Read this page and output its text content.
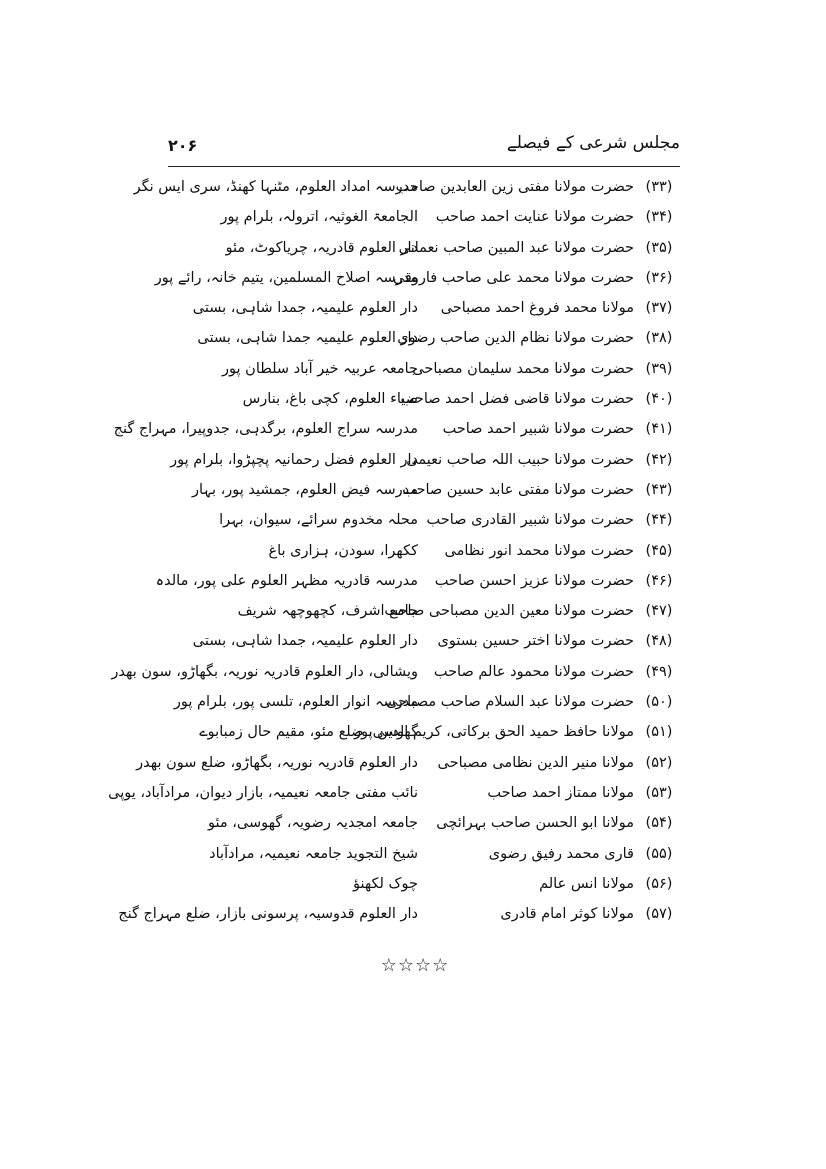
مجلس شرعی کے فیصلے
۲۰۶
(۳۳)
حضرت مولانا مفتی زین العابدین صاحب
مدرسہ امداد العلوم، مٹنہا کھنڈ، سری ایس نگر
(۳۴)
حضرت مولانا عنایت احمد صاحب
الجامعۃ الغوثیہ، اترولہ، بلرام پور
(۳۵)
حضرت مولانا عبد المبین صاحب نعمانی
دار العلوم قادریہ، چریاکوٹ، مئو
(۳۶)
حضرت مولانا محمد علی صاحب فاروقی
مدرسہ اصلاح المسلمین، یتیم خانہ، رائے پور
(۳۷)
مولانا محمد فروغ احمد مصباحی
دار العلوم علیمیہ، جمدا شاہی، بستی
(۳۸)
حضرت مولانا نظام الدین صاحب رضوی
دار العلوم علیمیہ جمدا شاہی، بستی
(۳۹)
حضرت مولانا محمد سلیمان مصباحی
جامعہ عربیہ خیر آباد سلطان پور
(۴۰)
حضرت مولانا قاضی فضل احمد صاحب
ضیاء العلوم، کچی باغ، بنارس
(۴۱)
حضرت مولانا شبیر احمد صاحب
مدرسہ سراج العلوم، برگدہی، جدوپیرا، مہراج گنج
(۴۲)
حضرت مولانا حبیب اللہ صاحب نعیمی
دار العلوم فضل رحمانیہ پچپڑوا، بلرام پور
(۴۳)
حضرت مولانا مفتی عابد حسین صاحب
مدرسہ فیض العلوم، جمشید پور، بہار
(۴۴)
حضرت مولانا شبیر القادری صاحب
محلہ مخدوم سرائے، سیوان، بہرا
(۴۵)
حضرت مولانا محمد انور نظامی
ککھرا، سودن، ہزاری باغ
(۴۶)
حضرت مولانا عزیز احسن صاحب
مدرسہ قادریہ مظہر العلوم علی پور، مالدہ
(۴۷)
حضرت مولانا معین الدین مصباحی صاحب
جامع اشرف، کچھوچھہ شریف
(۴۸)
حضرت مولانا اختر حسین بستوی
دار العلوم علیمیہ، جمدا شاہی، بستی
(۴۹)
حضرت مولانا محمود عالم صاحب
ویشالی، دار العلوم قادریہ نوریہ، بگھاڑو، سون بھدر
(۵۰)
حضرت مولانا عبد السلام صاحب مصباحی
مدرسہ انوار العلوم، تلسی پور، بلرام پور
(۵۱)
مولانا حافظ حمید الحق برکاتی، کریم الدین پور
گھوسی، ضلع مئو، مقیم حال زمبابوے
(۵۲)
مولانا منیر الدین نظامی مصباحی
دار العلوم قادریہ نوریہ، بگھاڑو، ضلع سون بھدر
(۵۳)
مولانا ممتاز احمد صاحب
نائب مفتی جامعہ نعیمیہ، بازار دیوان، مرادآباد، یوپی
(۵۴)
مولانا ابو الحسن صاحب بہرائچی
جامعہ امجدیہ رضویہ، گھوسی، مئو
(۵۵)
قاری محمد رفیق رضوی
شیخ التجوید جامعہ نعیمیہ، مرادآباد
(۵۶)
مولانا انس عالم
چوک لکھنؤ
(۵۷)
مولانا کوثر امام قادری
دار العلوم قدوسیہ، پرسونی بازار، ضلع مہراج گنج
☆☆☆☆
